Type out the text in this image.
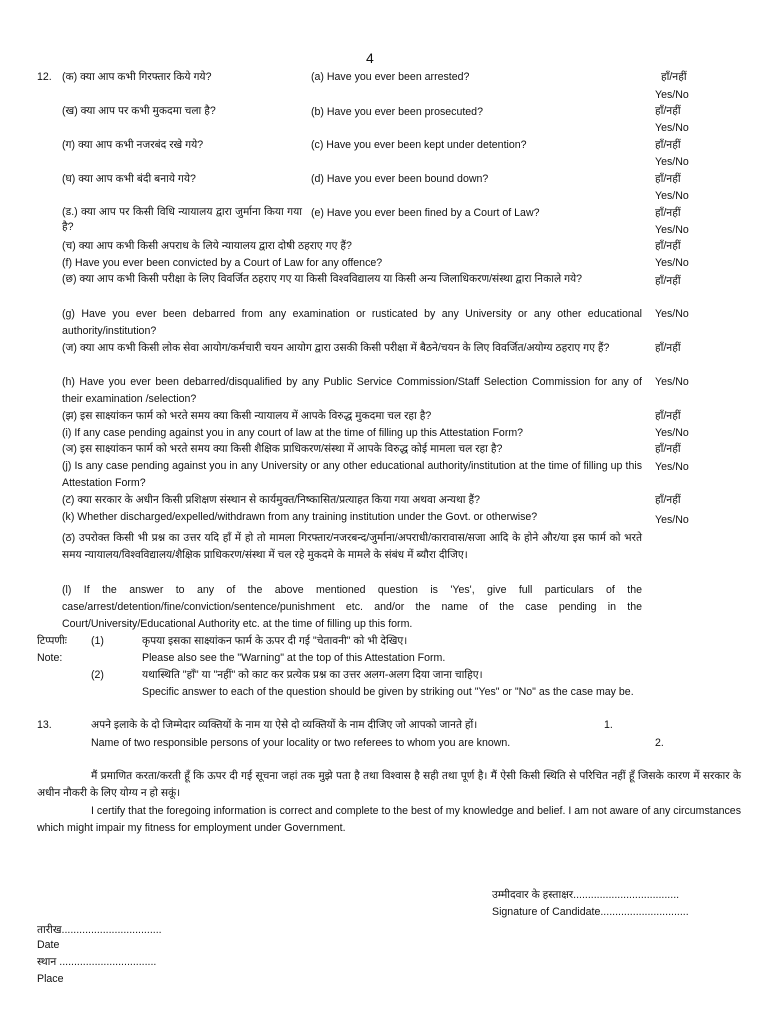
4
12. (क) क्या आप कभी गिरफ्तार किये गये?	(a) Have you ever been arrested?	हाँ/नहीं
Yes/No
(ख) क्या आप पर कभी मुकदमा चला है?	(b) Have you ever been prosecuted?	हाँ/नहीं
Yes/No
(ग) क्या आप कभी नजरबंद रखे गये?	(c) Have you ever been kept under detention?	हाँ/नहीं
Yes/No
(घ) क्या आप कभी बंदी बनाये गये?	(d) Have you ever been bound down?	हाँ/नहीं
Yes/No
(ड.) क्या आप पर किसी विधि न्यायालय द्वारा जुर्माना किया गया है?
(e) Have you ever been fined by a Court of Law?	हाँ/नहीं
Yes/No
(च) क्या आप कभी किसी अपराध के लिये न्यायालय द्वारा दोषी ठहराए गए हैं?	हाँ/नहीं
(f) Have you ever been convicted by a Court of Law for any offence?	Yes/No
(छ) क्या आप कभी किसी परीक्षा के लिए विवर्जित ठहराए गए या किसी विश्वविद्यालय या किसी अन्य जिलाधिकरण/संस्था द्वारा निकाले गये?	हाँ/नहीं
(g) Have you ever been debarred from any examination or rusticated by any University or any other educational authority/institution?
Yes/No
(ज) क्या आप कभी किसी लोक सेवा आयोग/कर्मचारी चयन आयोग द्वारा उसकी किसी परीक्षा में बैठने/चयन के लिए विवर्जित/अयोग्य ठहराए गए हैं?	हाँ/नहीं
(h) Have you ever been debarred/disqualified by any Public Service Commission/Staff Selection Commission for any of their examination /selection?
Yes/No
(झ) इस साक्ष्यांकन फार्म को भरते समय क्या किसी न्यायालय में आपके विरुद्ध मुकदमा चल रहा है?	हाँ/नहीं
(i) If any case pending against you in any court of law at the time of filling up this Attestation Form?	Yes/No
(ञ) इस साक्ष्यांकन फार्म को भरते समय क्या किसी शैक्षिक प्राधिकरण/संस्था में आपके विरुद्ध कोई मामला चल रहा है?	हाँ/नहीं
(j) Is any case pending against you in any University or any other educational authority/institution at the time of filling up this Attestation Form?
Yes/No
(ट) क्या सरकार के अधीन किसी प्रशिक्षण संस्थान से कार्यमुक्त/निष्कासित/प्रत्याहत किया गया अथवा अन्यथा हैं?	हाँ/नहीं
(k) Whether discharged/expelled/withdrawn from any training institution under the Govt. or otherwise?	Yes/No
(ठ) उपरोक्त किसी भी प्रश्न का उत्तर यदि हाँ में हो तो मामला गिरफ्तार/नजरबन्द/जुर्माना/अपराधी/कारावास/सजा आदि के होने और/या इस फार्म को भरते समय न्यायालय/विश्वविद्यालय/शैक्षिक प्राधिकरण/संस्था में चल रहे मुकदमे के मामले के संबंध में ब्यौरा दीजिए।
(l) If the answer to any of the above mentioned question is 'Yes', give full particulars of the case/arrest/detention/fine/conviction/sentence/punishment etc. and/or the name of the case pending in the Court/University/Educational Authority etc. at the time of filling up this form.
टिप्पणीः (1)	कृपया इसका साक्ष्यांकन फार्म के ऊपर दी गई "चेतावनी" को भी देखिए।
Note:	Please also see the "Warning" at the top of this Attestation Form.
(2)	यथास्थिति "हाँ" या "नहीं" को काट कर प्रत्येक प्रश्न का उत्तर अलग-अलग दिया जाना चाहिए।
Specific answer to each of the question should be given by striking out "Yes" or "No" as the case may be.
13.	अपने इलाके के दो जिम्मेदार व्यक्तियों के नाम या ऐसे दो व्यक्तियों के नाम दीजिए जो आपको जानते हों।	1.
Name of two responsible persons of your locality or two referees to whom you are known.	2.
मैं प्रमाणित करता/करती हूँ कि ऊपर दी गई सूचना जहां तक मुझे पता है तथा विश्वास है सही तथा पूर्ण है। मैं ऐसी किसी स्थिति से परिचित नहीं हूँ जिसके कारण में सरकार के अधीन नौकरी के लिए योग्य न हो सकूं।
I certify that the foregoing information is correct and complete to the best of my knowledge and belief. I am not aware of any circumstances which might impair my fitness for employment under Government.
उम्मीदवार के हस्ताक्षर....................................
Signature of Candidate..............................
तारीख..................................
Date
स्थान .................................
Place
